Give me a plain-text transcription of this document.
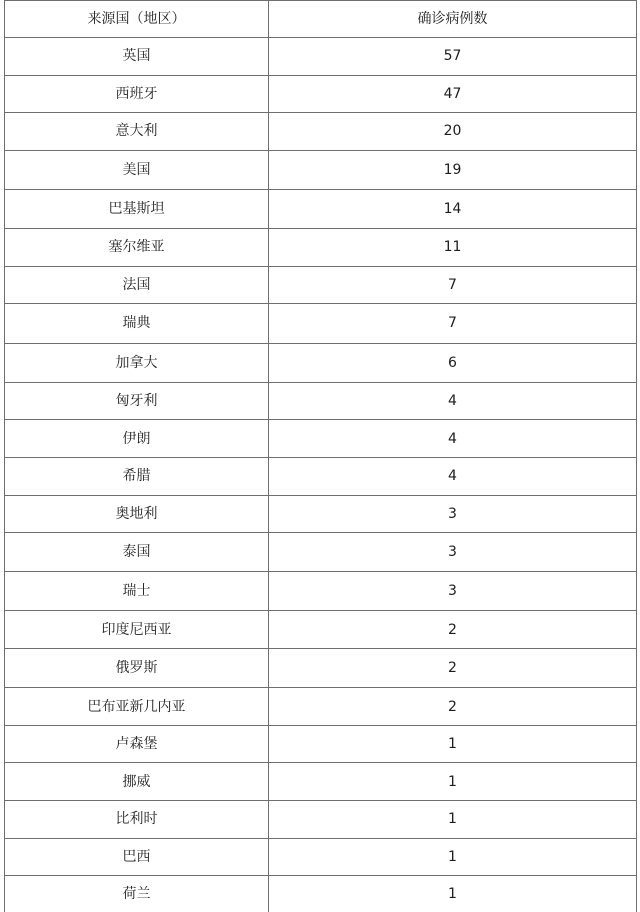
来源国（地区）	确诊病例数
英国	57
西班牙	47
意大利	20
美国	19
巴基斯坦	14
塞尔维亚	11
法国	7
瑞典	7
加拿大	6
匈牙利	4
伊朗	4
希腊	4
奥地利	3
泰国	3
瑞士	3
印度尼西亚	2
俄罗斯	2
巴布亚新几内亚	2
卢森堡	1
挪威	1
比利时	1
巴西	1
荷兰	1
